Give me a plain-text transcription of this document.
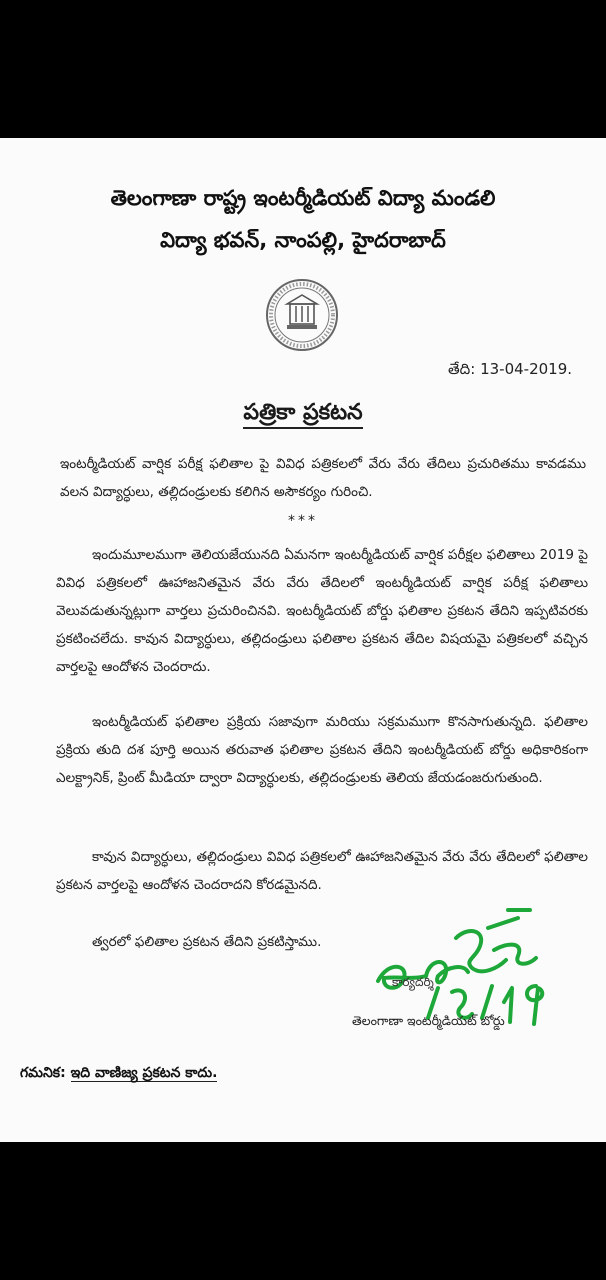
తెలంగాణా రాష్ట్ర ఇంటర్మీడియట్ విద్యా మండలి
విద్యా భవన్, నాంపల్లి, హైదరాబాద్
తేది: 13-04-2019.
పత్రికా ప్రకటన
ఇంటర్మీడియట్ వార్షిక పరీక్ష ఫలితాల పై వివిధ పత్రికలలో వేరు వేరు తేదిలు ప్రచురితము కావడము వలన విద్యార్ధులు, తల్లిదండ్రులకు కలిగిన అసౌకర్యం గురించి.
***
ఇందుమూలముగా తెలియజేయునది ఏమనగా ఇంటర్మీడియట్ వార్షిక పరీక్షల ఫలితాలు 2019 పై వివిధ పత్రికలలో ఊహాజనితమైన వేరు వేరు తేదిలలో ఇంటర్మీడియట్ వార్షిక పరీక్ష ఫలితాలు వెలువడుతున్నట్లుగా వార్తలు ప్రచురించినవి. ఇంటర్మీడియట్ బోర్డు ఫలితాల ప్రకటన తేదిని ఇప్పటివరకు ప్రకటించలేదు. కావున విద్యార్ధులు, తల్లిదండ్రులు ఫలితాల ప్రకటన తేదిల విషయమై పత్రికలలో వచ్చిన వార్తలపై ఆందోళన చెందరాదు.
ఇంటర్మీడియట్ ఫలితాల ప్రక్రియ సజావుగా మరియు సక్రమముగా కొనసాగుతున్నది. ఫలితాల ప్రక్రియ తుది దశ పూర్తి అయిన తరువాత ఫలితాల ప్రకటన తేదిని ఇంటర్మీడియట్ బోర్డు అధికారికంగా ఎలక్ట్రానిక్, ప్రింట్ మీడియా ద్వారా విద్యార్ధులకు, తల్లిదండ్రులకు తెలియ జేయడంజరుగుతుంది.
కావున విద్యార్ధులు, తల్లిదండ్రులు వివిధ పత్రికలలో ఊహాజనితమైన వేరు వేరు తేదిలలో ఫలితాల ప్రకటన వార్తలపై ఆందోళన చెందరాదని కోరడమైనది.
త్వరలో ఫలితాల ప్రకటన తేదిని ప్రకటిస్తాము.
కార్యదర్శి
తెలంగాణా ఇంటర్మీడియట్ బోర్డు
గమనిక: ఇది వాణిజ్య ప్రకటన కాదు.
